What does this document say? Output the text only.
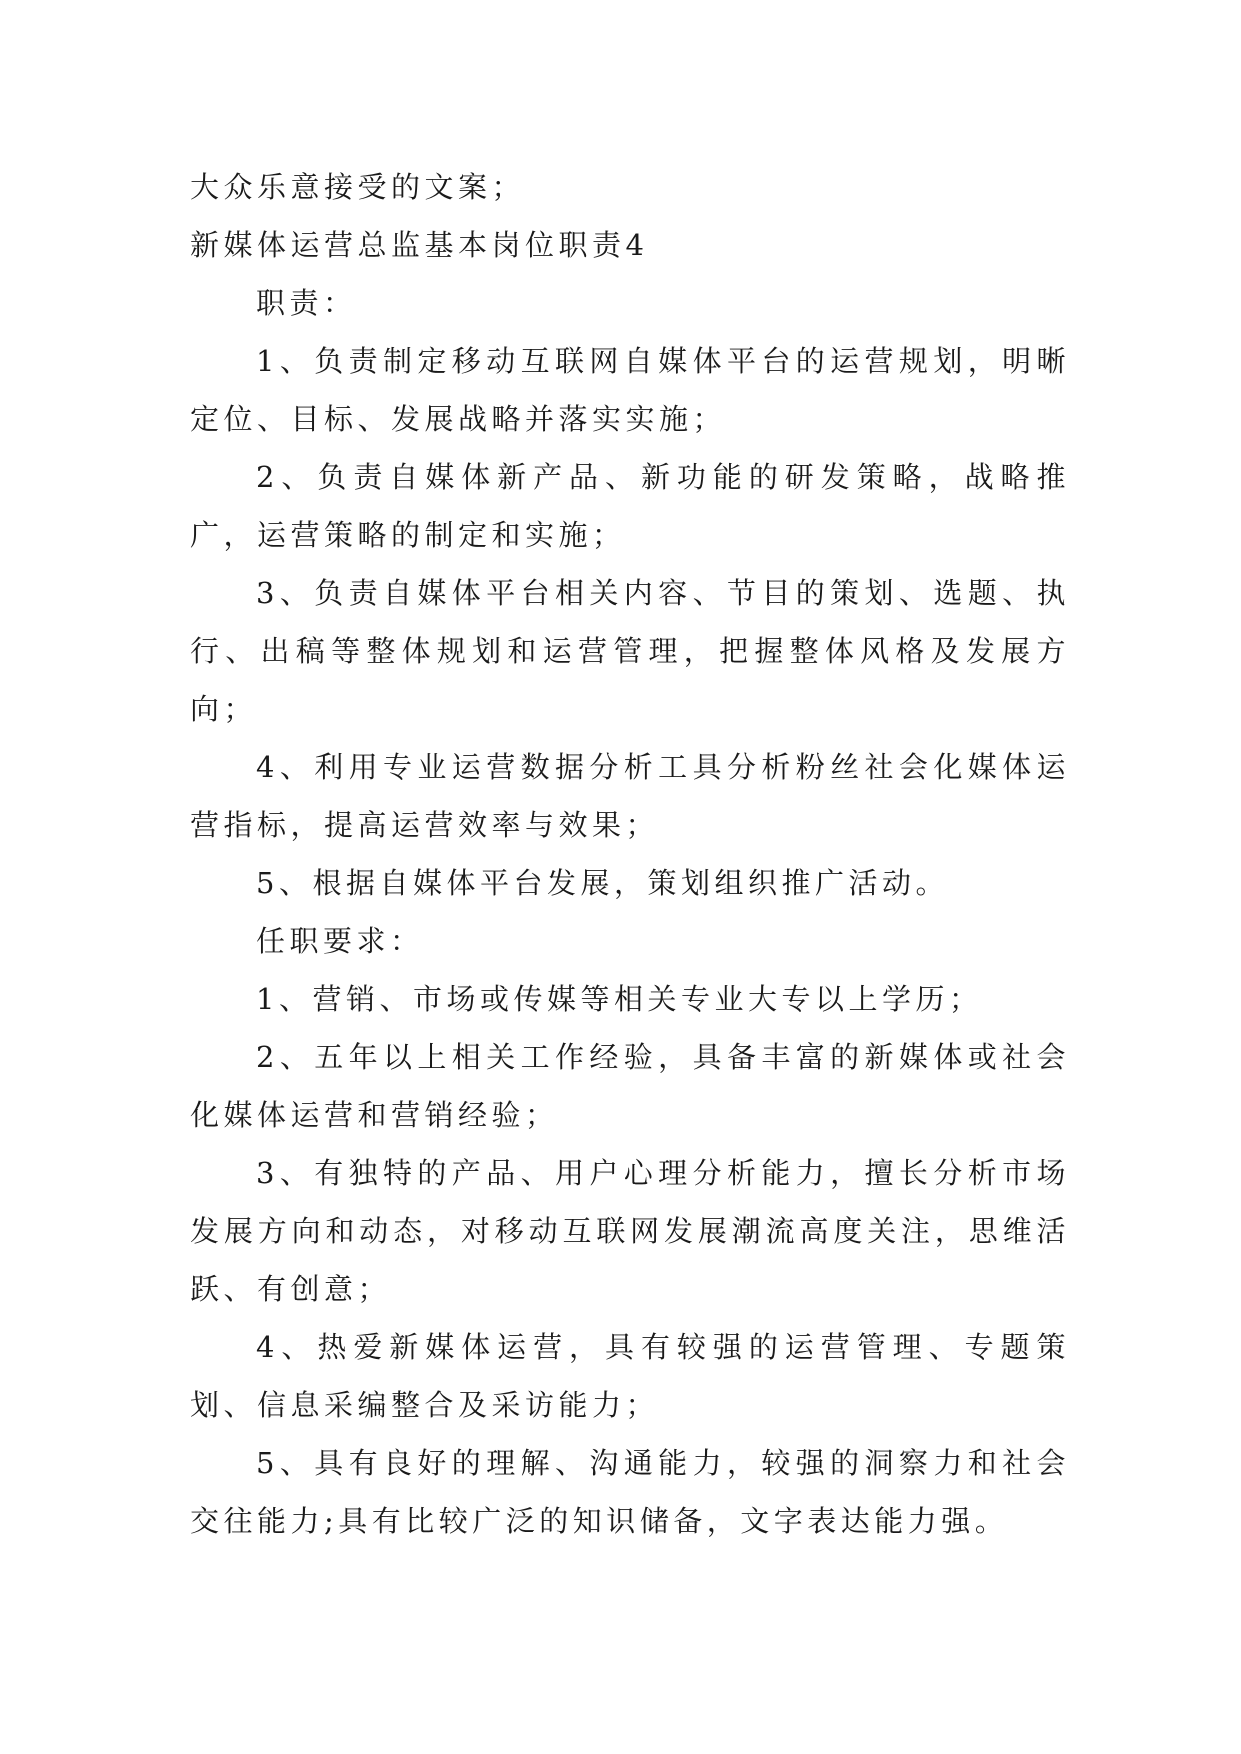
大众乐意接受的文案；

新媒体运营总监基本岗位职责4

职责：

1、负责制定移动互联网自媒体平台的运营规划，明晰定位、目标、发展战略并落实实施；

2、负责自媒体新产品、新功能的研发策略，战略推广，运营策略的制定和实施；

3、负责自媒体平台相关内容、节目的策划、选题、执行、出稿等整体规划和运营管理，把握整体风格及发展方向；

4、利用专业运营数据分析工具分析粉丝社会化媒体运营指标，提高运营效率与效果；

5、根据自媒体平台发展，策划组织推广活动。

任职要求：

1、营销、市场或传媒等相关专业大专以上学历；

2、五年以上相关工作经验，具备丰富的新媒体或社会化媒体运营和营销经验；

3、有独特的产品、用户心理分析能力，擅长分析市场发展方向和动态，对移动互联网发展潮流高度关注，思维活跃、有创意；

4、热爱新媒体运营，具有较强的运营管理、专题策划、信息采编整合及采访能力；

5、具有良好的理解、沟通能力，较强的洞察力和社会交往能力;具有比较广泛的知识储备，文字表达能力强。
